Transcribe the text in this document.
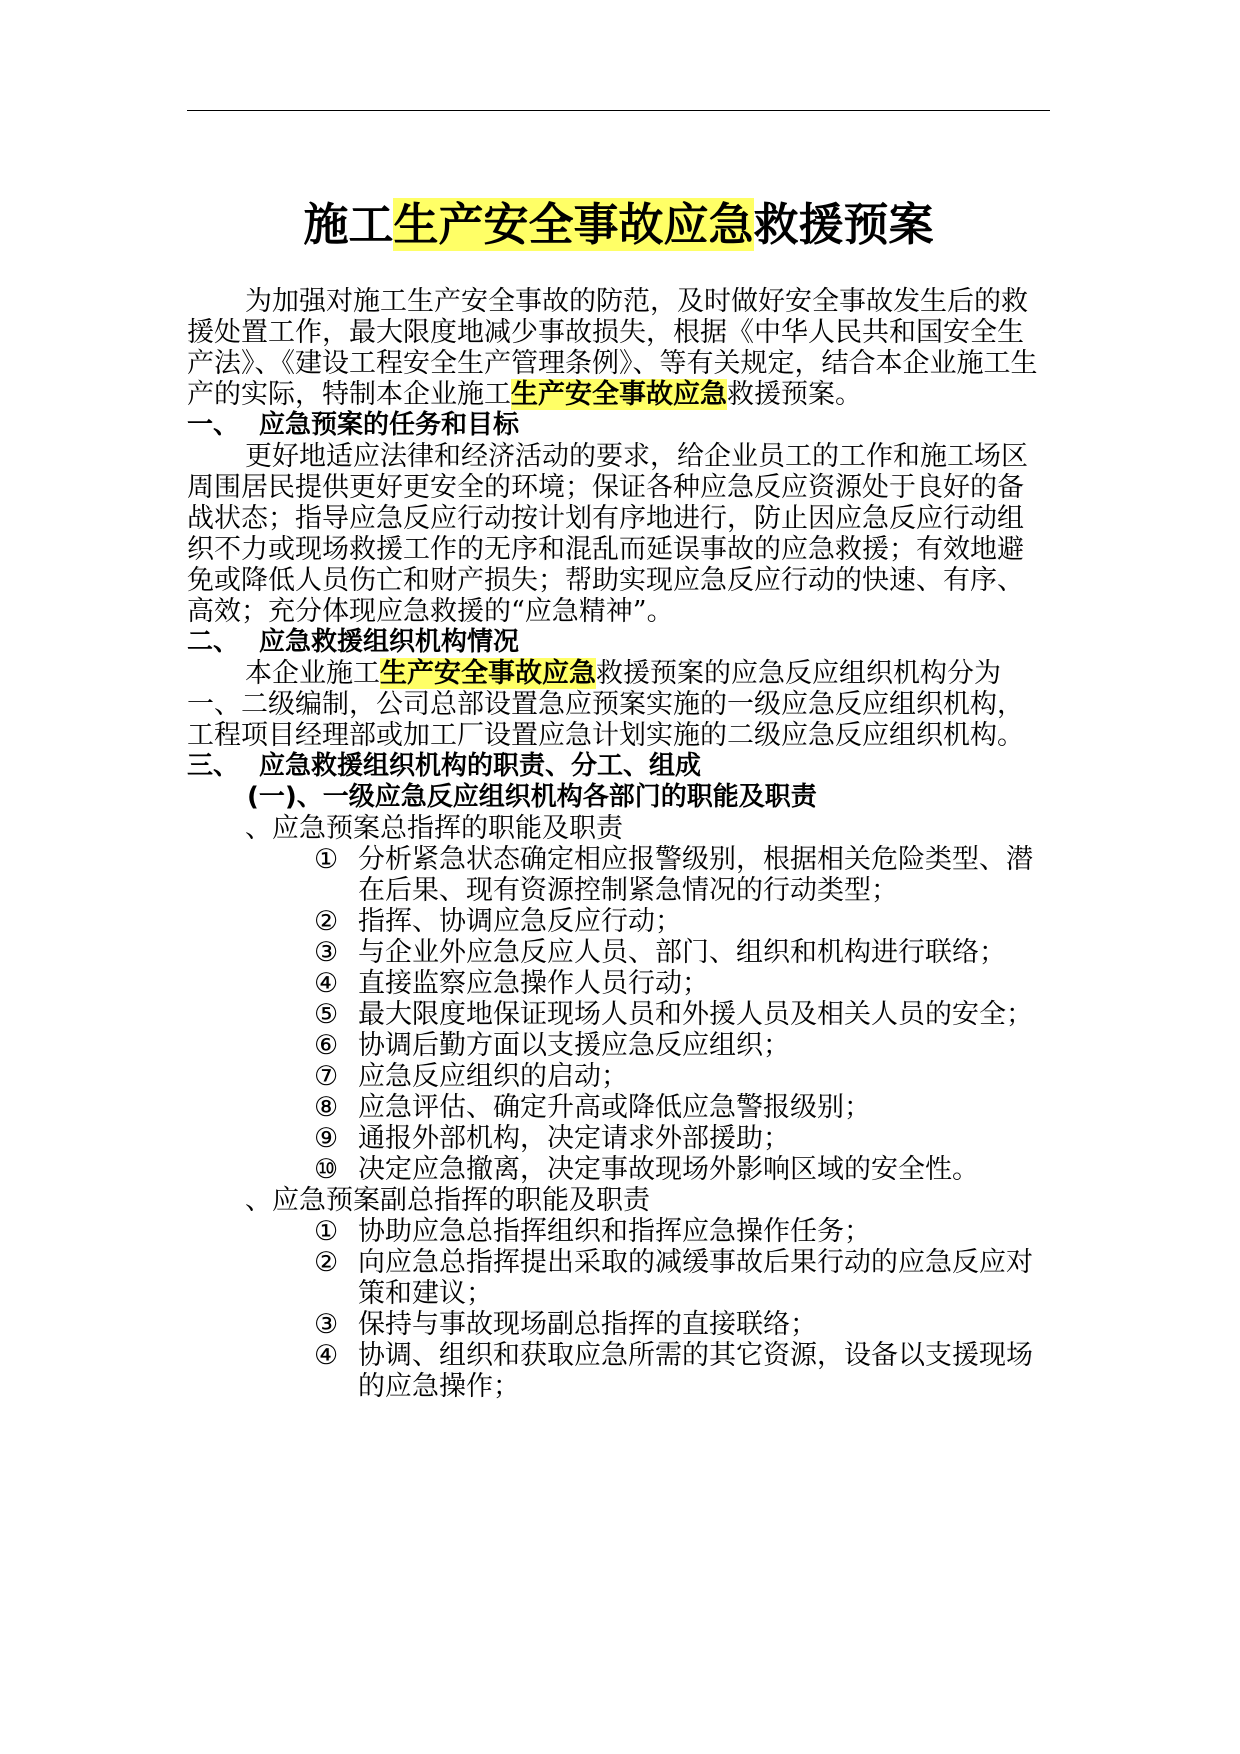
施工生产安全事故应急救援预案

为加强对施工生产安全事故的防范，及时做好安全事故发生后的救援处置工作，最大限度地减少事故损失，根据《中华人民共和国安全生产法》、《建设工程安全生产管理条例》、等有关规定，结合本企业施工生产的实际，特制本企业施工生产安全事故应急救援预案。

一、 应急预案的任务和目标

更好地适应法律和经济活动的要求，给企业员工的工作和施工场区周围居民提供更好更安全的环境；保证各种应急反应资源处于良好的备战状态；指导应急反应行动按计划有序地进行，防止因应急反应行动组织不力或现场救援工作的无序和混乱而延误事故的应急救援；有效地避免或降低人员伤亡和财产损失；帮助实现应急反应行动的快速、有序、高效；充分体现应急救援的“应急精神”。

二、 应急救援组织机构情况

本企业施工生产安全事故应急救援预案的应急反应组织机构分为一、二级编制，公司总部设置急应预案实施的一级应急反应组织机构，工程项目经理部或加工厂设置应急计划实施的二级应急反应组织机构。

三、 应急救援组织机构的职责、分工、组成

(一)、一级应急反应组织机构各部门的职能及职责

、应急预案总指挥的职能及职责

① 分析紧急状态确定相应报警级别，根据相关危险类型、潜在后果、现有资源控制紧急情况的行动类型；

② 指挥、协调应急反应行动；

③ 与企业外应急反应人员、部门、组织和机构进行联络；

④ 直接监察应急操作人员行动；

⑤ 最大限度地保证现场人员和外援人员及相关人员的安全；

⑥ 协调后勤方面以支援应急反应组织；

⑦ 应急反应组织的启动；

⑧ 应急评估、确定升高或降低应急警报级别；

⑨ 通报外部机构，决定请求外部援助；

⑩ 决定应急撤离，决定事故现场外影响区域的安全性。

、应急预案副总指挥的职能及职责

① 协助应急总指挥组织和指挥应急操作任务；

② 向应急总指挥提出采取的减缓事故后果行动的应急反应对策和建议；

③ 保持与事故现场副总指挥的直接联络；

④ 协调、组织和获取应急所需的其它资源，设备以支援现场的应急操作；
